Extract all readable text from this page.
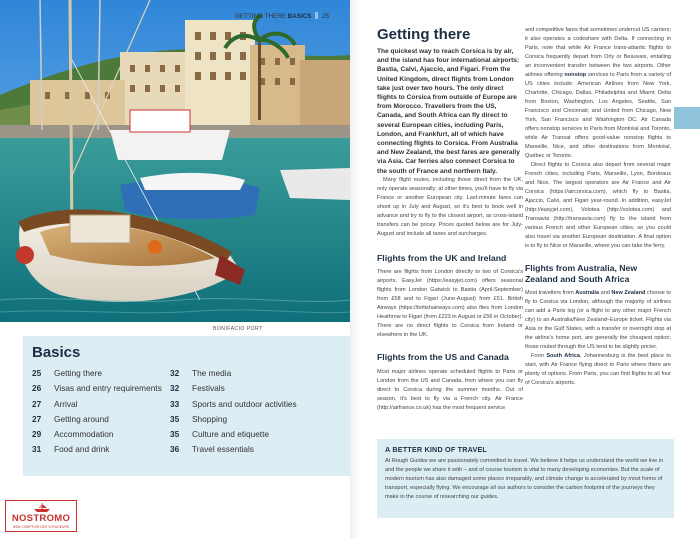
BONIFACIO PORT
Basics
25	Getting there
26	Visas and entry requirements
27	Arrival
27	Getting around
29	Accommodation
31	Food and drink
32	The media
32	Festivals
33	Sports and outdoor activities
35	Shopping
35	Culture and etiquette
36	Travel essentials
NOSTROMO
WEB COMPTOIR DES VOYAGEURS
GETTING THERE BASICS 25
Getting there

The quickest way to reach Corsica is by air, and the island has four international airports: Bastia, Calvi, Ajaccio, and Figari. From the United Kingdom, direct flights from London take just over two hours. The only direct flights to Corsica from outside of Europe are from Morocco. Travellers from the US, Canada, and South Africa can fly direct to several European cities, including Paris, London, and Frankfurt, all of which have connecting flights to Corsica. From Australia and New Zealand, the best fares are generally via Asia. Car ferries also connect Corsica to the south of France and northern Italy.

Many flight routes, including those direct from the UK, only operate seasonally; at other times, you'll have to fly via France or another European city. Last-minute fares can shoot up in July and August, so it's best to book well in advance and try to fly to the closest airport, as cross-island transfers can be pricey. Prices quoted below are for July-August and include all taxes and surcharges.

Flights from the UK and Ireland

There are flights from London directly to two of Corsica's airports. EasyJet (https://easyjet.com) offers seasonal flights from London Gatwick to Bastia (April-September) from £58 and to Figari (June-August) from £51. British Airways (https://britishairways.com) also flies from London Heathrow to Figari (from £223 in August or £56 in October). There are no direct flights to Corsica from Ireland or elsewhere in the UK.

Flights from the US and Canada

Most major airlines operate scheduled flights to Paris or London from the US and Canada, from where you can fly direct to Corsica during the summer months. Out of season, it's best to fly via a French city. Air France (http://airfrance.co.uk) has the most frequent service

and competitive fares that sometimes undercut US carriers; it also operates a codeshare with Delta. If connecting in Paris, note that while Air France trans-atlantic flights to Corsica frequently depart from Orly or Beauvais, entailing an inconvenient transfer between the two airports. Other airlines offering nonstop services to Paris from a variety of US cities include: American Airlines from New York, Charlotte, Chicago, Dallas, Philadelphia and Miami; Delta from Boston, Washington, Los Angeles, Seattle, San Francisco and Cincinnati; and United from Chicago, New York, San Francisco and Washington DC. Air Canada offers nonstop services to Paris from Montréal and Toronto, while Air Transat offers good-value nonstop flights to Marseille, Nice, and other destinations from Montréal, Québec or Toronto.

Direct flights to Corsica also depart from several major French cities, including Paris, Marseille, Lyon, Bordeaux and Nice. The largest operators are Air France and Air Corsica (https://aircorsica.com), which fly to Bastia, Ajaccio, Calvi, and Figari year-round. In addition, easyJet (http://easyjet.com), Volotea (http://volotea.com) and Transavia (http://transavia.com) fly to the island from various French and other European cities, so you could also travel via another European destination. A final option is to fly to Nice or Marseille, where you can take the ferry.

Flights from Australia, New Zealand and South Africa

Most travellers from Australia and New Zealand choose to fly to Corsica via London, although the majority of airlines can add a Paris leg (or a flight to any other major French city) to an Australia/New Zealand–Europe ticket. Flights via Asia or the Gulf States, with a transfer or overnight stop at the airline's home port, are generally the cheapest option; those routed through the US tend to be slightly pricier.

From South Africa, Johannesburg is the best place to start, with Air France flying direct to Paris where there are plenty of options. From Paris, you can find flights to all four of Corsica's airports.

A BETTER KIND OF TRAVEL
At Rough Guides we are passionately committed to travel. We believe it helps us understand the world we live in and the people we share it with – and of course tourism is vital to many developing economies. But the scale of modern tourism has also damaged some places irreparably, and climate change is accelerated by most forms of transport, especially flying. We encourage all our authors to consider the carbon footprint of the journeys they make in the course of researching our guides.
